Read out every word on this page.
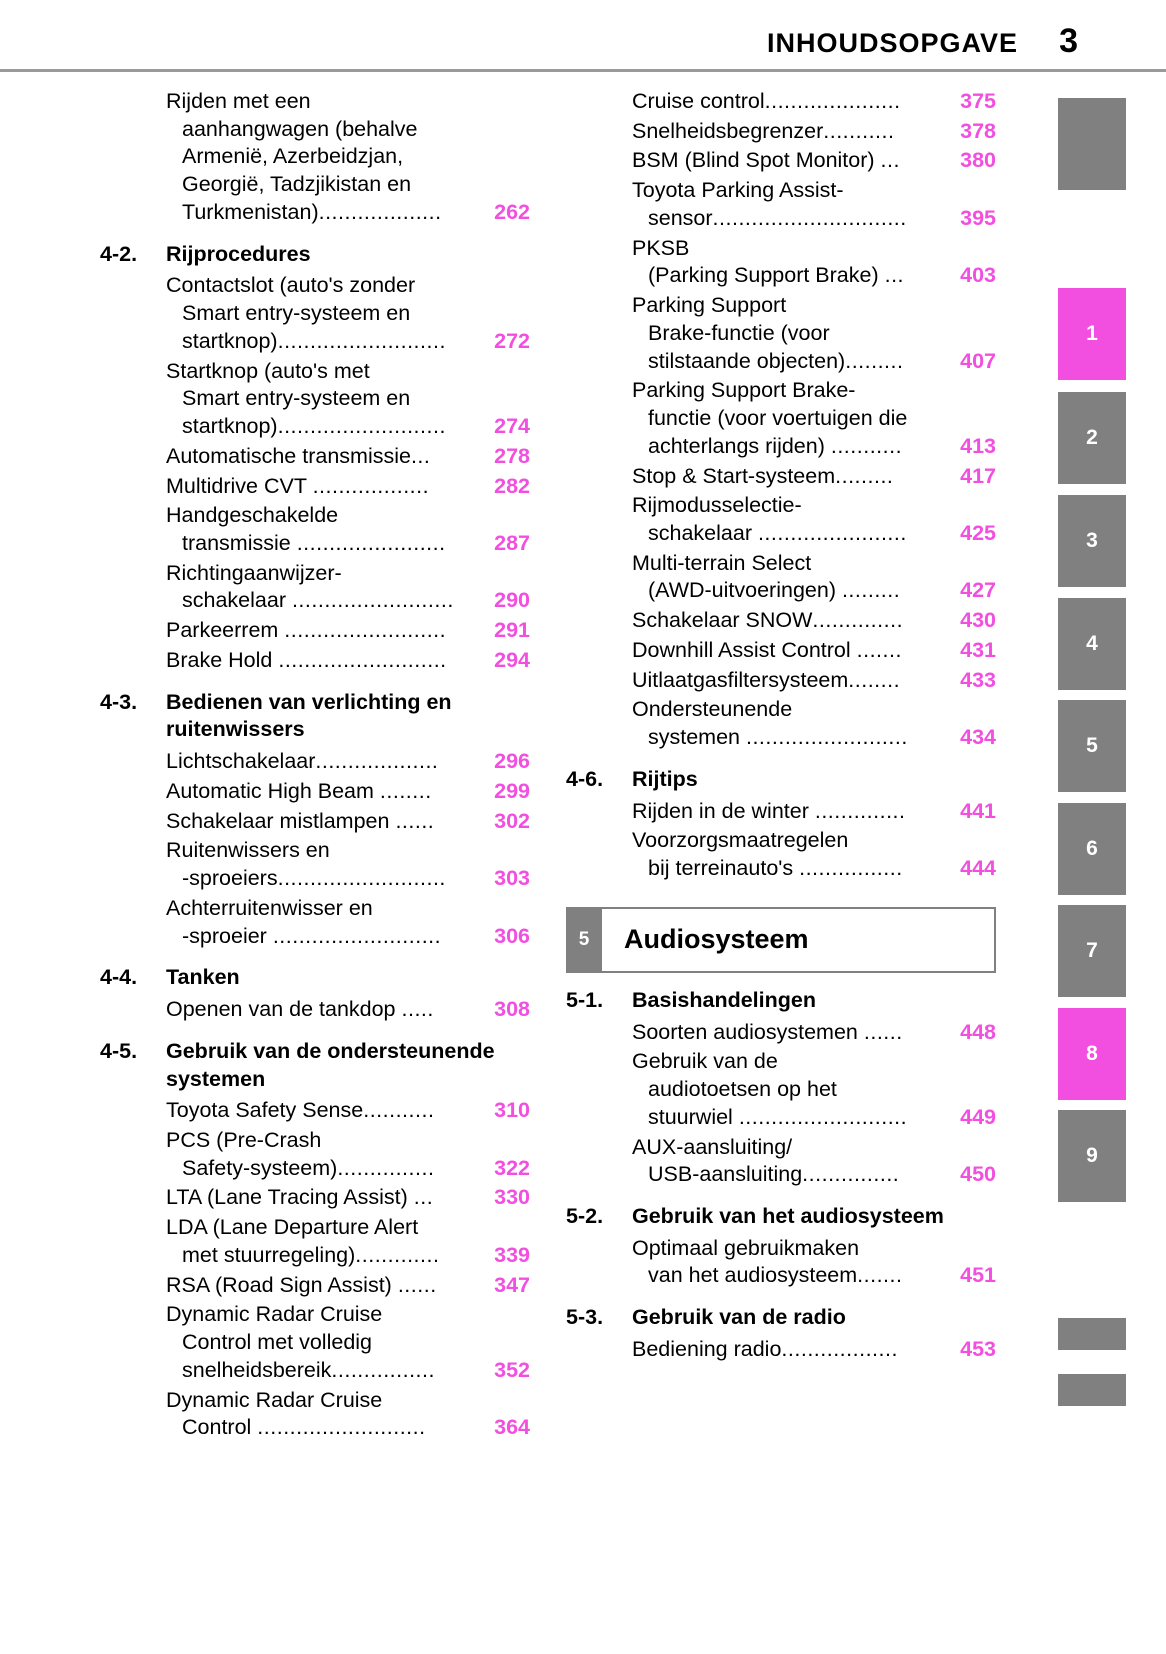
INHOUDSOPGAVE 3
Rijden met een
aanhangwagen (behalve
Armenië, Azerbeidzjan,
Georgië, Tadzjikistan en
Turkmenistan) ...................	262
4-2.	Rijprocedures
Contactslot (auto's zonder
Smart entry-systeem en
startknop) ..........................	272
Startknop (auto's met
Smart entry-systeem en
startknop) ..........................	274
Automatische transmissie ...	278
Multidrive CVT ..................	282
Handgeschakelde
transmissie .......................	287
Richtingaanwijzer-
schakelaar .........................	290
Parkeerrem .........................	291
Brake Hold ..........................	294
4-3.	Bedienen van verlichting en ruitenwissers
Lichtschakelaar ...................	296
Automatic High Beam ........	299
Schakelaar mistlampen ......	302
Ruitenwissers en
-sproeiers ..........................	303
Achterruitenwisser en
-sproeier ..........................	306
4-4.	Tanken
Openen van de tankdop .....	308
4-5.	Gebruik van de ondersteunende systemen
Toyota Safety Sense ...........	310
PCS (Pre-Crash
Safety-systeem) ...............	322
LTA (Lane Tracing Assist) ...	330
LDA (Lane Departure Alert
met stuurregeling) .............	339
RSA (Road Sign Assist) ......	347
Dynamic Radar Cruise
Control met volledig
snelheidsbereik ................	352
Dynamic Radar Cruise
Control ..........................	364
Cruise control .....................	375
Snelheidsbegrenzer ...........	378
BSM (Blind Spot Monitor) ...	380
Toyota Parking Assist-
sensor ..............................	395
PKSB
(Parking Support Brake) ...	403
Parking Support
Brake-functie (voor
stilstaande objecten) .........	407
Parking Support Brake-
functie (voor voertuigen die
achterlangs rijden) ...........	413
Stop & Start-systeem .........	417
Rijmodusselectie-
schakelaar .......................	425
Multi-terrain Select
(AWD-uitvoeringen) .........	427
Schakelaar SNOW ..............	430
Downhill Assist Control .......	431
Uitlaatgasfiltersysteem ........	433
Ondersteunende
systemen .........................	434
4-6.	Rijtips
Rijden in de winter ..............	441
Voorzorgsmaatregelen
bij terreinauto's ................	444
5	Audiosysteem
5-1.	Basishandelingen
Soorten audiosystemen ......	448
Gebruik van de
audiotoetsen op het
stuurwiel ..........................	449
AUX-aansluiting/
USB-aansluiting ...............	450
5-2.	Gebruik van het audiosysteem
Optimaal gebruikmaken
van het audiosysteem .......	451
5-3.	Gebruik van de radio
Bediening radio ..................	453
1
2
3
4
5
6
7
8
9
